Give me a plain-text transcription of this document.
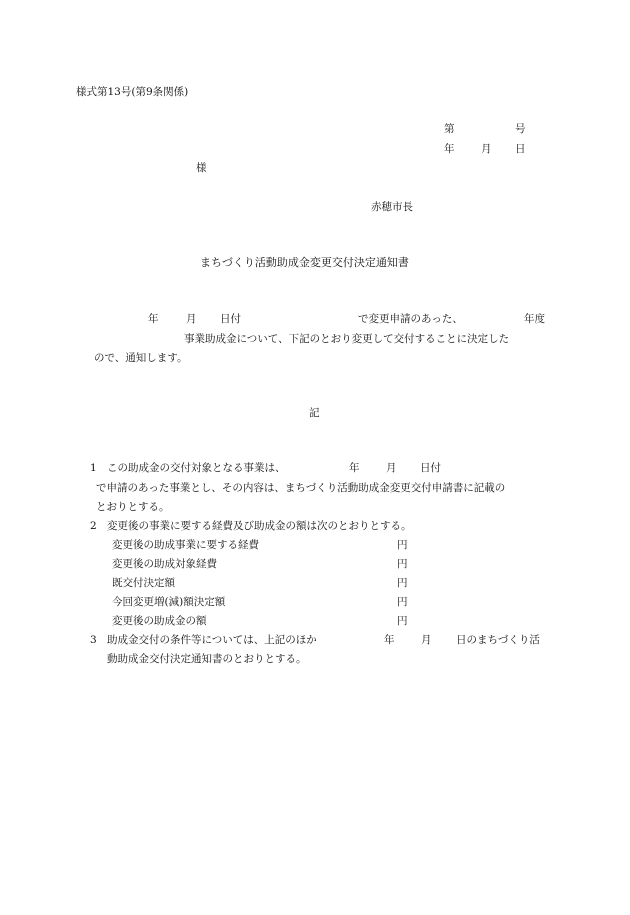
様式第13号(第9条関係)
第	号
年	月 日
様
赤穂市長
まちづくり活動助成金変更交付決定通知書
年	月 日付	で変更申請のあった、	年度
事業助成金について、下記のとおり変更して交付することに決定した
ので、通知します。
記
1 この助成金の交付対象となる事業は、	年	月 日付
で申請のあった事業とし、その内容は、まちづくり活動助成金変更交付申請書に記載の
とおりとする。
2 変更後の事業に要する経費及び助成金の額は次のとおりとする。
変更後の助成事業に要する経費	円
変更後の助成対象経費	円
既交付決定額	円
今回変更増(減)額決定額	円
変更後の助成金の額	円
3 助成金交付の条件等については、上記のほか	年	月 日のまちづくり活
動助成金交付決定通知書のとおりとする。
